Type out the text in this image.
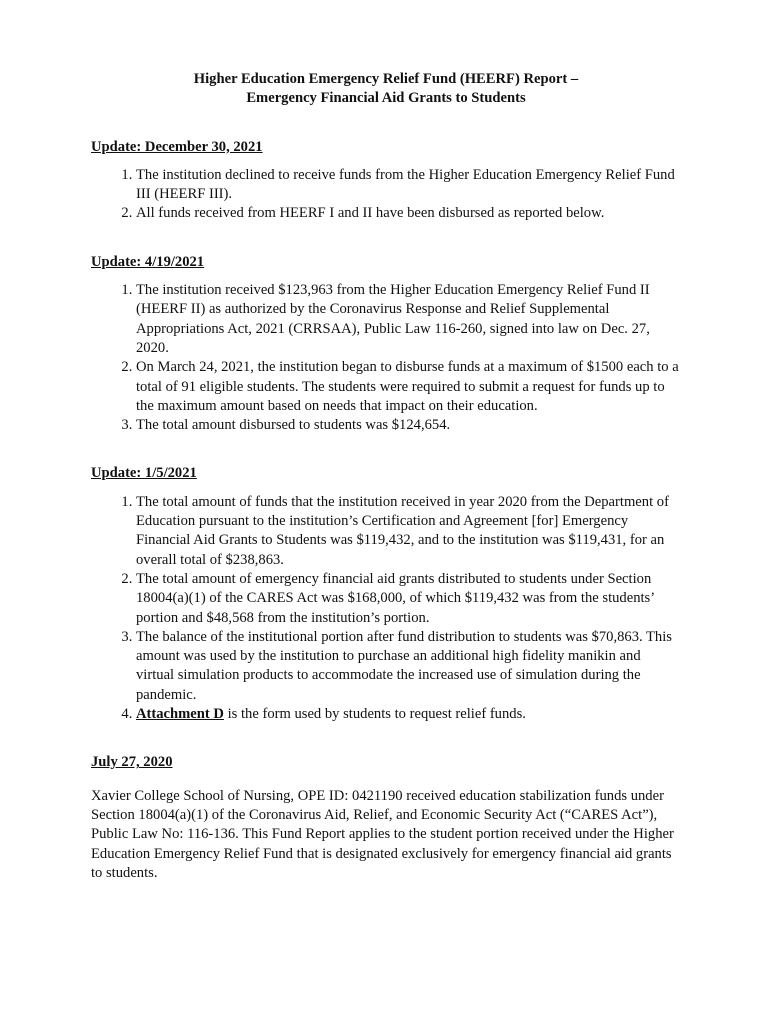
Higher Education Emergency Relief Fund (HEERF) Report –
Emergency Financial Aid Grants to Students

Update: December 30, 2021

1. The institution declined to receive funds from the Higher Education Emergency Relief Fund III (HEERF III).
2. All funds received from HEERF I and II have been disbursed as reported below.

Update: 4/19/2021

1. The institution received $123,963 from the Higher Education Emergency Relief Fund II (HEERF II) as authorized by the Coronavirus Response and Relief Supplemental Appropriations Act, 2021 (CRRSAA), Public Law 116-260, signed into law on Dec. 27, 2020.
2. On March 24, 2021, the institution began to disburse funds at a maximum of $1500 each to a total of 91 eligible students. The students were required to submit a request for funds up to the maximum amount based on needs that impact on their education.
3. The total amount disbursed to students was $124,654.

Update: 1/5/2021

1. The total amount of funds that the institution received in year 2020 from the Department of Education pursuant to the institution’s Certification and Agreement [for] Emergency Financial Aid Grants to Students was $119,432, and to the institution was $119,431, for an overall total of $238,863.
2. The total amount of emergency financial aid grants distributed to students under Section 18004(a)(1) of the CARES Act was $168,000, of which $119,432 was from the students’ portion and $48,568 from the institution’s portion.
3. The balance of the institutional portion after fund distribution to students was $70,863. This amount was used by the institution to purchase an additional high fidelity manikin and virtual simulation products to accommodate the increased use of simulation during the pandemic.
4. Attachment D is the form used by students to request relief funds.

July 27, 2020

Xavier College School of Nursing, OPE ID: 0421190 received education stabilization funds under Section 18004(a)(1) of the Coronavirus Aid, Relief, and Economic Security Act (“CARES Act”), Public Law No: 116-136. This Fund Report applies to the student portion received under the Higher Education Emergency Relief Fund that is designated exclusively for emergency financial aid grants to students.
